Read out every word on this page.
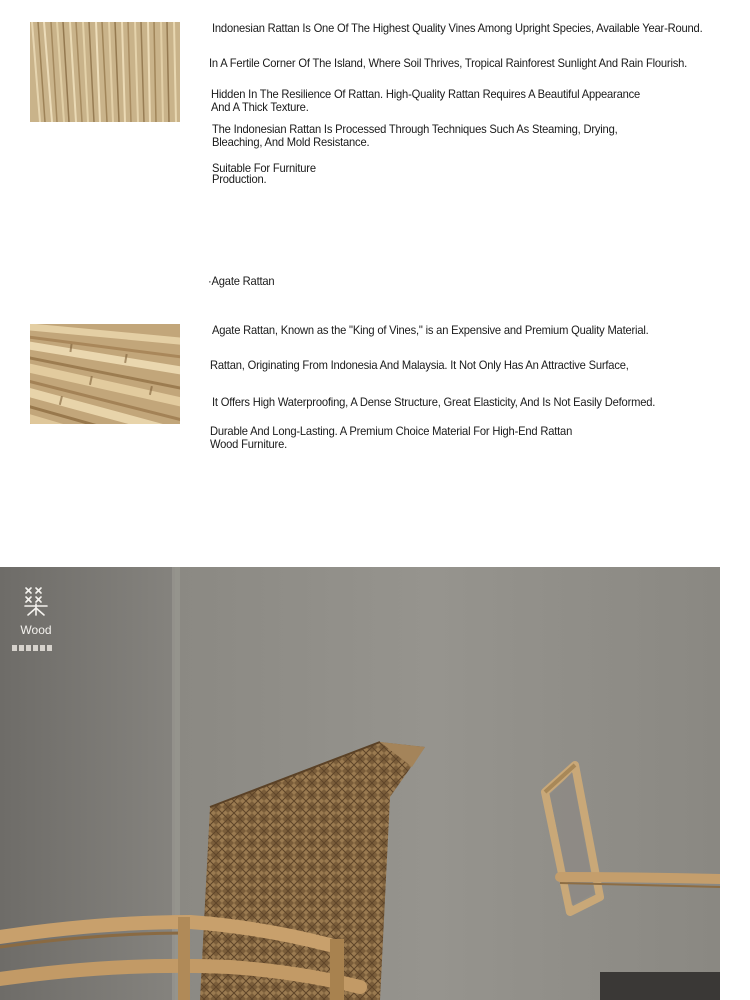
Indonesian Rattan Is One Of The Highest Quality Vines Among Upright Species, Available Year-Round.
In A Fertile Corner Of The Island, Where Soil Thrives, Tropical Rainforest Sunlight And Rain Flourish.
Hidden In The Resilience Of Rattan. High-Quality Rattan Requires A Beautiful Appearance
And A Thick Texture.
The Indonesian Rattan Is Processed Through Techniques Such As Steaming, Drying,
Bleaching, And Mold Resistance.
Suitable For Furniture
Production.
·Agate Rattan
Agate Rattan, Known as the "King of Vines," is an Expensive and Premium Quality Material.
Rattan, Originating From Indonesia And Malaysia. It Not Only Has An Attractive Surface,
It Offers High Waterproofing, A Dense Structure, Great Elasticity, And Is Not Easily Deformed.
Durable And Long-Lasting. A Premium Choice Material For High-End Rattan
Wood Furniture.
Wood
